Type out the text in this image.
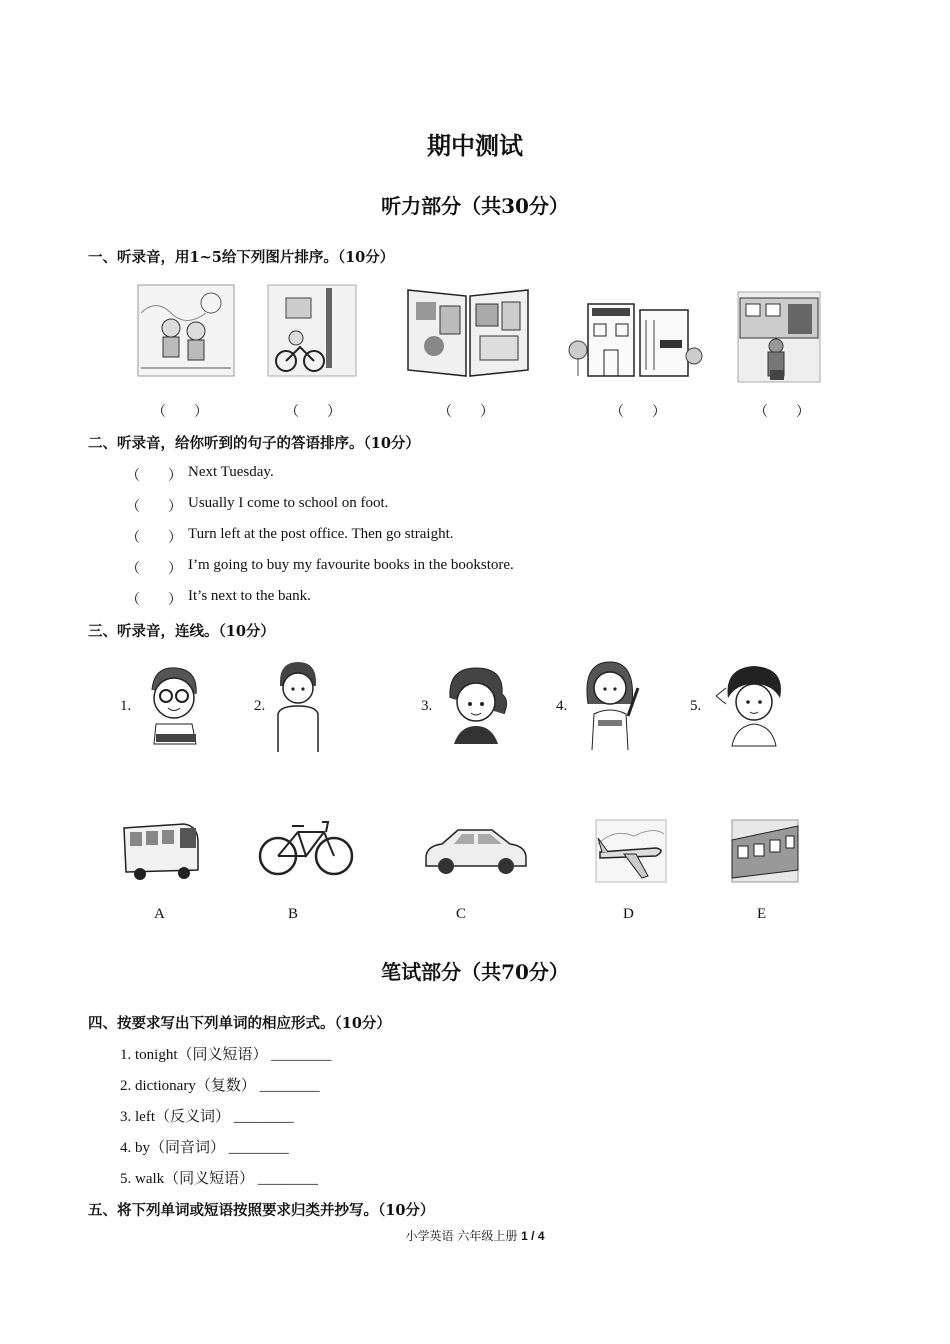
期中测试
听力部分（共30分）
一、听录音，用1~5给下列图片排序。（10分）
（　　）	（　　）	（　　）	（　　）	（　　）
二、听录音，给你听到的句子的答语排序。（10分）
（　　） Next Tuesday.
（　　） Usually I come to school on foot.
（　　） Turn left at the post office. Then go straight.
（　　） I’m going to buy my favourite books in the bookstore.
（　　） It’s next to the bank.
三、听录音，连线。（10分）
1.	2.	3.	4.	5.
A	B	C	D	E
笔试部分（共70分）
四、按要求写出下列单词的相应形式。（10分）
1. tonight（同义短语） ________
2. dictionary（复数） ________
3. left（反义词） ________
4. by（同音词） ________
5. walk（同义短语） ________
五、将下列单词或短语按照要求归类并抄写。（10分）
小学英语 六年级上册 1 / 4
